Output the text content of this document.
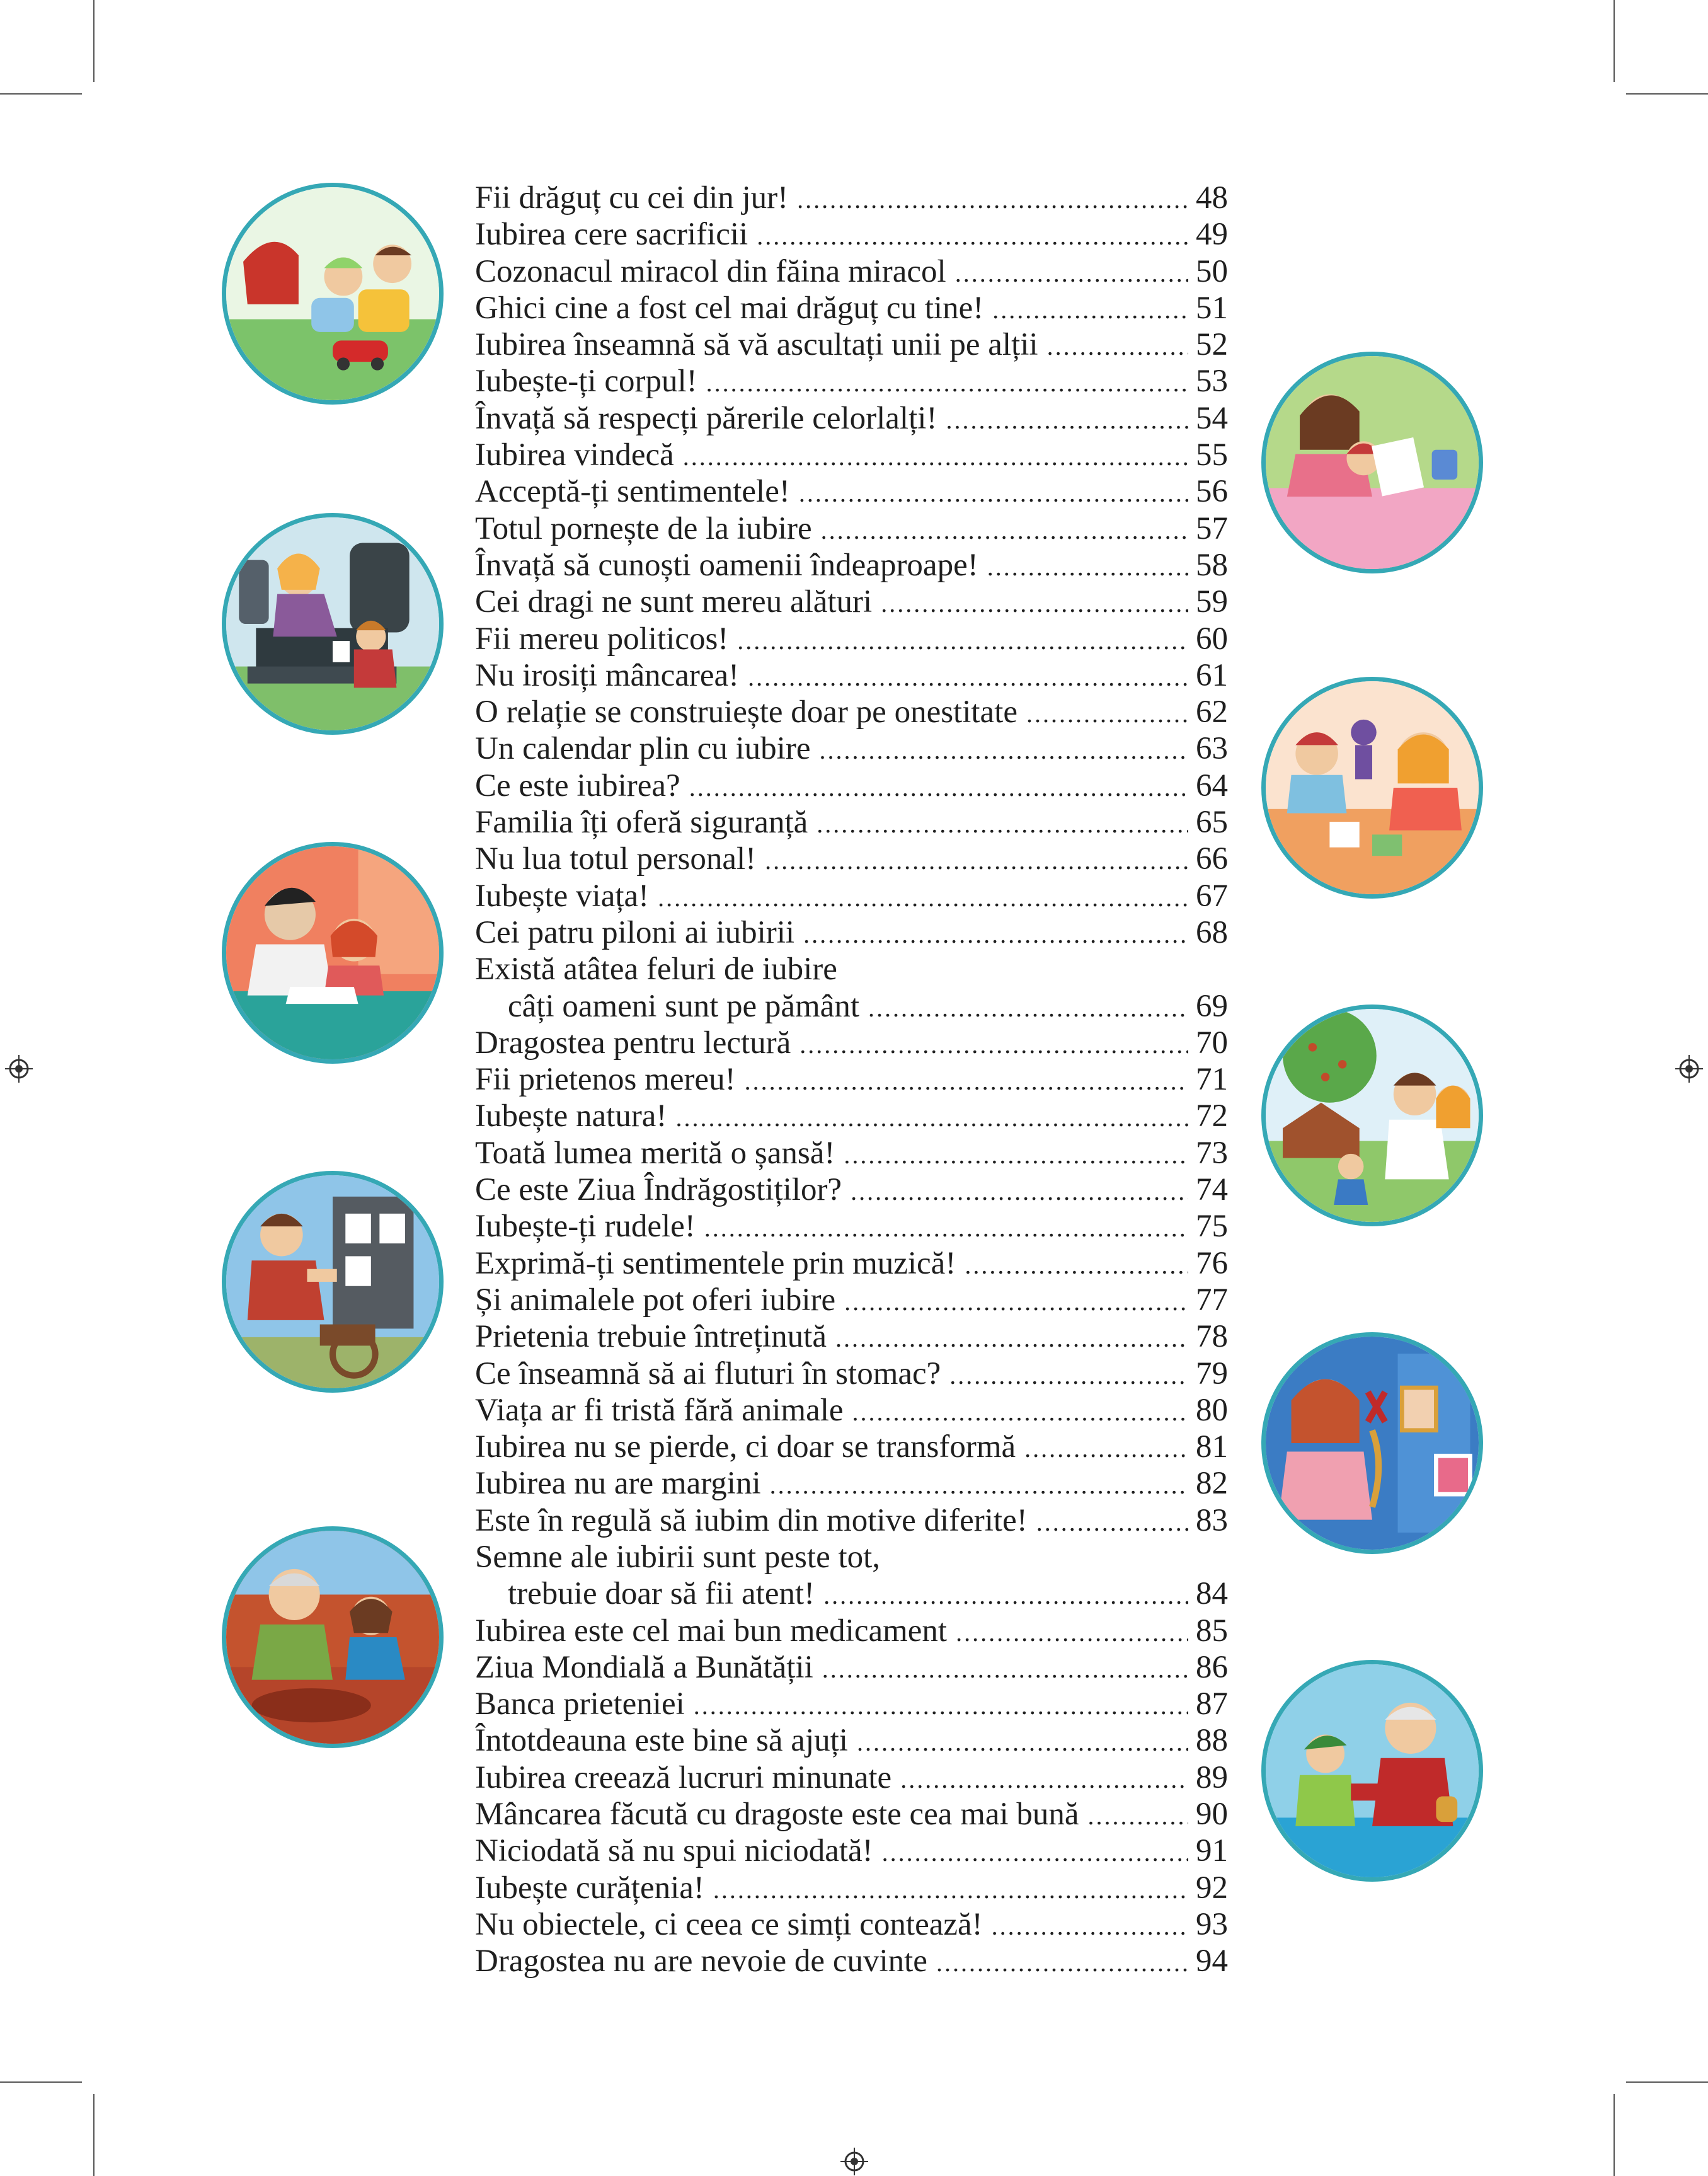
Fii drăguț cu cei din jur! .....	48
Iubirea cere sacrificii .....	49
Cozonacul miracol din făina miracol .....	50
Ghici cine a fost cel mai drăguț cu tine! .....	51
Iubirea înseamnă să vă ascultați unii pe alții .....	52
Iubește-ți corpul! .....	53
Învață să respecți părerile celorlalți! .....	54
Iubirea vindecă .....	55
Acceptă-ți sentimentele! .....	56
Totul pornește de la iubire .....	57
Învață să cunoști oamenii îndeaproape! .....	58
Cei dragi ne sunt mereu alături .....	59
Fii mereu politicos! .....	60
Nu irosiți mâncarea! .....	61
O relație se construiește doar pe onestitate .....	62
Un calendar plin cu iubire .....	63
Ce este iubirea? .....	64
Familia îți oferă siguranță .....	65
Nu lua totul personal! .....	66
Iubește viața! .....	67
Cei patru piloni ai iubirii .....	68
Există atâtea feluri de iubire
câți oameni sunt pe pământ .....	69
Dragostea pentru lectură .....	70
Fii prietenos mereu! .....	71
Iubește natura! .....	72
Toată lumea merită o șansă! .....	73
Ce este Ziua Îndrăgostiților? .....	74
Iubește-ți rudele! .....	75
Exprimă-ți sentimentele prin muzică! .....	76
Și animalele pot oferi iubire .....	77
Prietenia trebuie întreținută .....	78
Ce înseamnă să ai fluturi în stomac? .....	79
Viața ar fi tristă fără animale .....	80
Iubirea nu se pierde, ci doar se transformă .....	81
Iubirea nu are margini .....	82
Este în regulă să iubim din motive diferite! .....	83
Semne ale iubirii sunt peste tot,
trebuie doar să fii atent! .....	84
Iubirea este cel mai bun medicament .....	85
Ziua Mondială a Bunătății .....	86
Banca prieteniei .....	87
Întotdeauna este bine să ajuți .....	88
Iubirea creează lucruri minunate .....	89
Mâncarea făcută cu dragoste este cea mai bună .....	90
Niciodată să nu spui niciodată! .....	91
Iubește curățenia! .....	92
Nu obiectele, ci ceea ce simți contează! .....	93
Dragostea nu are nevoie de cuvinte .....	94
